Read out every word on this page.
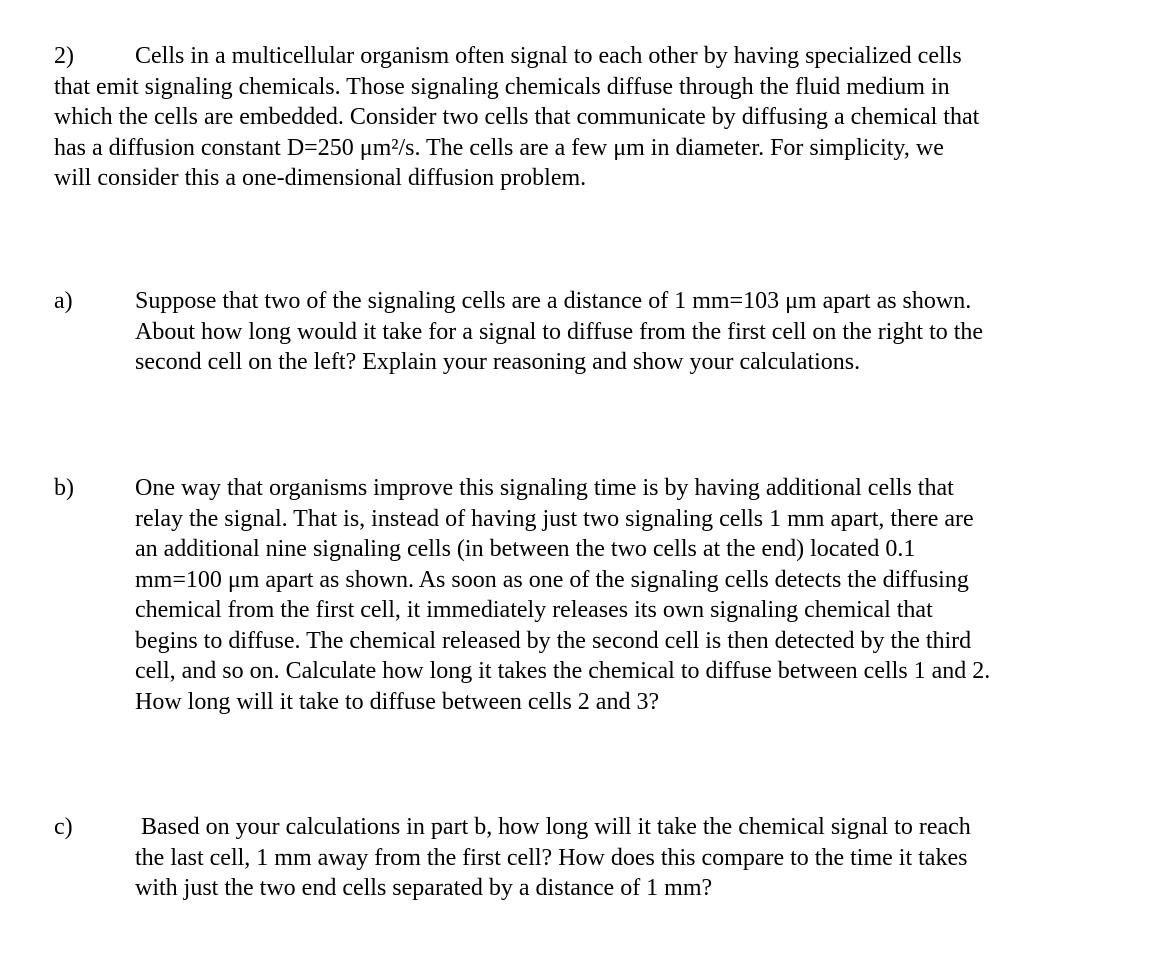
2)	Cells in a multicellular organism often signal to each other by having specialized cells
that emit signaling chemicals. Those signaling chemicals diffuse through the fluid medium in
which the cells are embedded. Consider two cells that communicate by diffusing a chemical that
has a diffusion constant D=250 μm²/s. The cells are a few μm in diameter. For simplicity, we
will consider this a one-dimensional diffusion problem.
a)	Suppose that two of the signaling cells are a distance of 1 mm=103 μm apart as shown.
About how long would it take for a signal to diffuse from the first cell on the right to the
second cell on the left? Explain your reasoning and show your calculations.
b)	One way that organisms improve this signaling time is by having additional cells that
relay the signal. That is, instead of having just two signaling cells 1 mm apart, there are
an additional nine signaling cells (in between the two cells at the end) located 0.1
mm=100 μm apart as shown. As soon as one of the signaling cells detects the diffusing
chemical from the first cell, it immediately releases its own signaling chemical that
begins to diffuse. The chemical released by the second cell is then detected by the third
cell, and so on. Calculate how long it takes the chemical to diffuse between cells 1 and 2.
How long will it take to diffuse between cells 2 and 3?
c)	Based on your calculations in part b, how long will it take the chemical signal to reach
the last cell, 1 mm away from the first cell? How does this compare to the time it takes
with just the two end cells separated by a distance of 1 mm?
